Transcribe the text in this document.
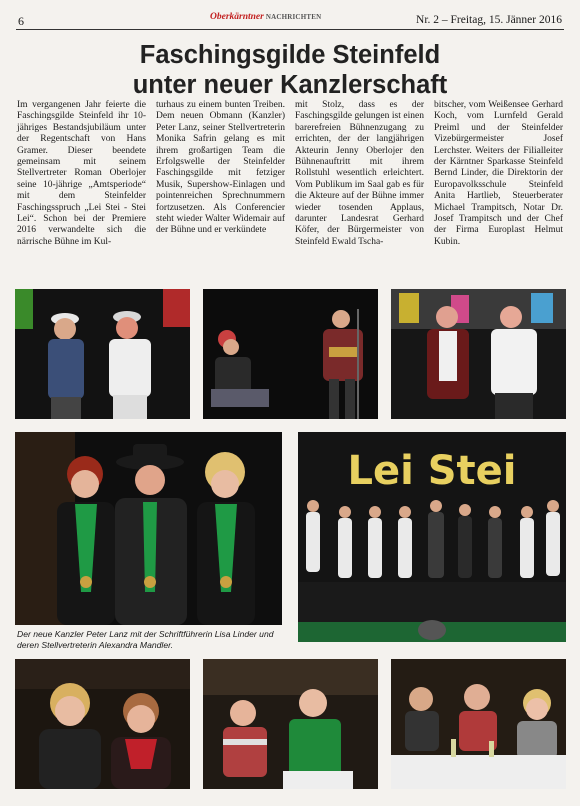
6	Oberkärntner NACHRICHTEN	Nr. 2 – Freitag, 15. Jänner 2016
Faschingsgilde Steinfeld
unter neuer Kanzlerschaft
Im vergangenen Jahr feierte die Faschingsgilde Steinfeld ihr 10-jähriges Bestandsjubiläum unter der Regentschaft von Hans Gramer. Dieser beendete gemeinsam mit seinem Stellvertreter Roman Oberlojer seine 10-jährige „Amtsperiode“ mit dem Steinfelder Faschingsspruch „Lei Stei - Stei Lei“. Schon bei der Premiere 2016 verwandelte sich die närrische Bühne im Kul-
turhaus zu einem bunten Treiben. Dem neuen Obmann (Kanzler) Peter Lanz, seiner Stellvertreterin Monika Safrin gelang es mit ihrem großartigen Team die Erfolgswelle der Steinfelder Faschingsgilde mit fetziger Musik, Supershow-Einlagen und pointenreichen Sprechnummern fortzusetzen. Als Conferencier steht wieder Walter Widemair auf der Bühne und er verkündete
mit Stolz, dass es der Faschingsgilde gelungen ist einen barerefreien Bühnenzugang zu errichten, der der langjährigen Akteurin Jenny Oberlojer den Bühnenauftritt mit ihrem Rollstuhl wesentlich erleichtert. Vom Publikum im Saal gab es für die Akteure auf der Bühne immer wieder tosenden Applaus, darunter Landesrat Gerhard Köfer, der Bürgermeister von Steinfeld Ewald Tscha-
bitscher, vom Weißensee Gerhard Koch, vom Lurnfeld Gerald Preiml und der Steinfelder Vizebürgermeister Josef Lerchster. Weiters der Filialleiter der Kärntner Sparkasse Steinfeld Bernd Linder, die Direktorin der Europavolksschule Steinfeld Anita Hartlieb, Steuerberater Michael Trampitsch, Notar Dr. Josef Trampitsch und der Chef der Firma Europlast Helmut Kubin.
Lei Stei
Der neue Kanzler Peter Lanz mit der Schriftführerin Lisa Linder und deren Stellvertreterin Alexandra Mandler.
